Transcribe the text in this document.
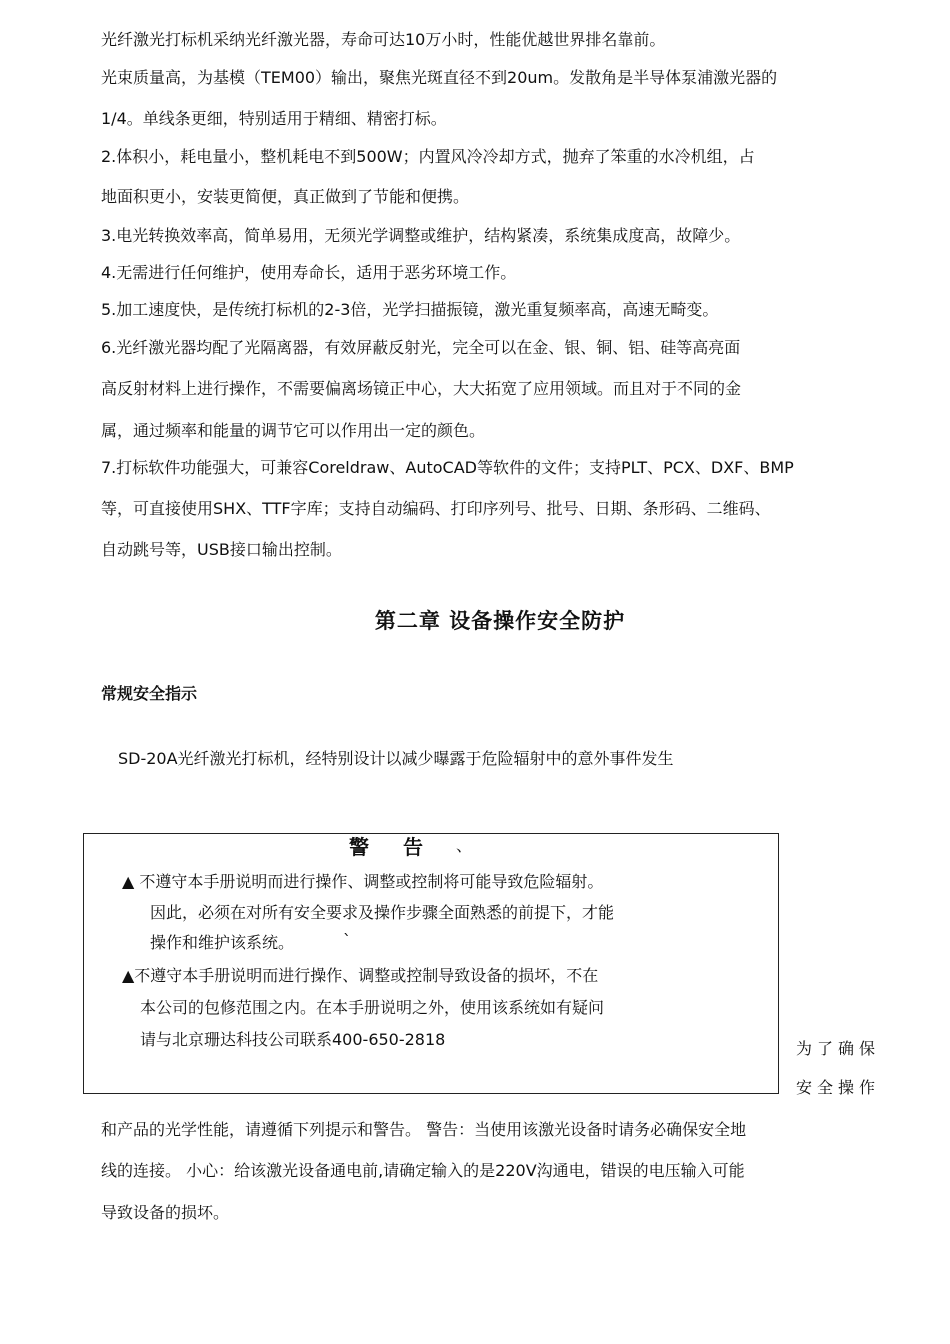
光纤激光打标机采纳光纤激光器，寿命可达10万小时，性能优越世界排名靠前。
光束质量高，为基模（TEM00）输出，聚焦光斑直径不到20um。发散角是半导体泵浦激光器的
1/4。单线条更细，特别适用于精细、精密打标。
2.体积小，耗电量小，整机耗电不到500W；内置风冷冷却方式，抛弃了笨重的水冷机组，占
地面积更小，安装更简便，真正做到了节能和便携。
3.电光转换效率高，简单易用，无须光学调整或维护，结构紧凑，系统集成度高，故障少。
4.无需进行任何维护，使用寿命长，适用于恶劣环境工作。
5.加工速度快，是传统打标机的2-3倍，光学扫描振镜，激光重复频率高，高速无畸变。
6.光纤激光器均配了光隔离器，有效屏蔽反射光，完全可以在金、银、铜、铝、硅等高亮面
高反射材料上进行操作，不需要偏离场镜正中心，大大拓宽了应用领域。而且对于不同的金
属，通过频率和能量的调节它可以作用出一定的颜色。
7.打标软件功能强大，可兼容Coreldraw、AutoCAD等软件的文件；支持PLT、PCX、DXF、BMP
等，可直接使用SHX、TTF字库；支持自动编码、打印序列号、批号、日期、条形码、二维码、
自动跳号等，USB接口输出控制。
第二章 设备操作安全防护
常规安全指示
SD-20A光纤激光打标机，经特别设计以减少曝露于危险辐射中的意外事件发生
警告 、
▲ 不遵守本手册说明而进行操作、调整或控制将可能导致危险辐射。
因此，必须在对所有安全要求及操作步骤全面熟悉的前提下，才能
操作和维护该系统。	`
▲不遵守本手册说明而进行操作、调整或控制导致设备的损坏，不在
本公司的包修范围之内。在本手册说明之外，使用该系统如有疑问
请与北京珊达科技公司联系400-650-2818	为了确保
安全操作
和产品的光学性能，请遵循下列提示和警告。 警告：当使用该激光设备时请务必确保安全地
线的连接。 小心：给该激光设备通电前,请确定输入的是220V沟通电，错误的电压输入可能
导致设备的损坏。
